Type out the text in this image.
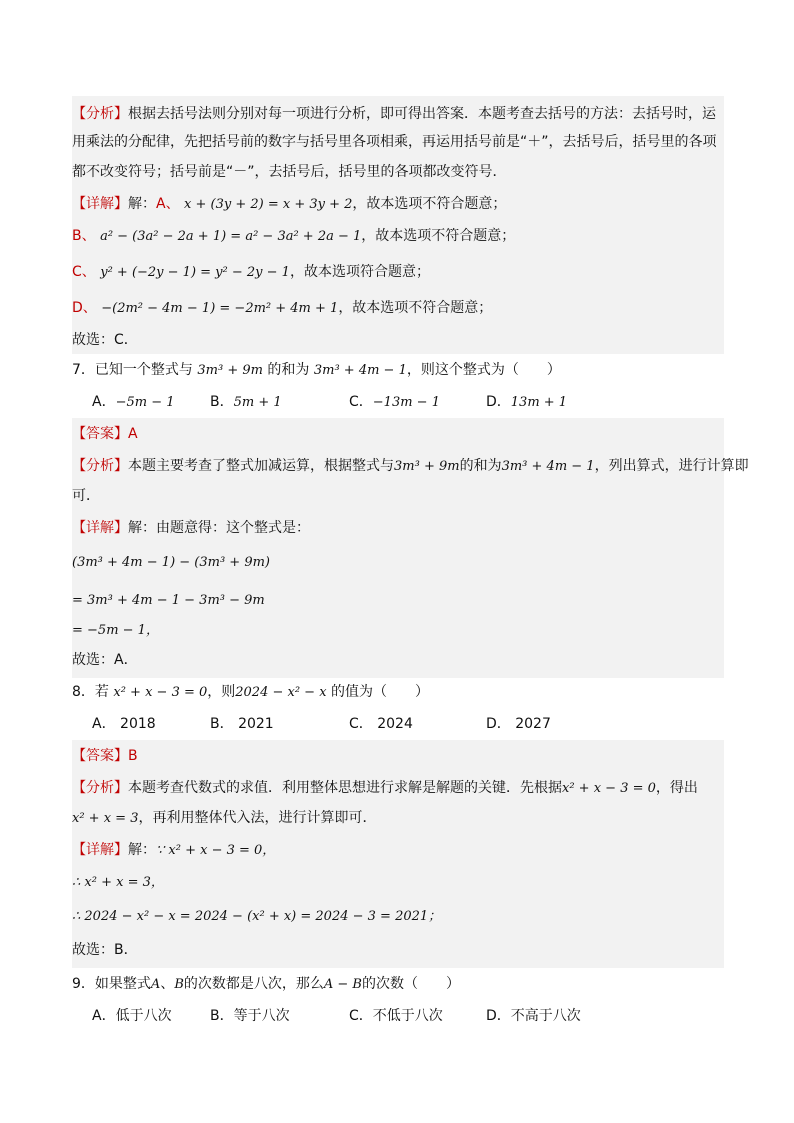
【分析】根据去括号法则分别对每一项进行分析，即可得出答案．本题考查去括号的方法：去括号时，运
用乘法的分配律，先把括号前的数字与括号里各项相乘，再运用括号前是“＋”，去括号后，括号里的各项
都不改变符号；括号前是“－”，去括号后，括号里的各项都改变符号．
【详解】解：A、 x + (3y + 2) = x + 3y + 2，故本选项不符合题意；
B、 a² − (3a² − 2a + 1) = a² − 3a² + 2a − 1，故本选项不符合题意；
C、 y² + (−2y − 1) = y² − 2y − 1，故本选项符合题意；
D、 −(2m² − 4m − 1) = −2m² + 4m + 1，故本选项不符合题意；
故选：C．
7．已知一个整式与 3m³ + 9m 的和为 3m³ + 4m − 1，则这个整式为（　　）
A．−5m − 1	B．5m + 1	C．−13m − 1	D．13m + 1
【答案】A
【分析】本题主要考查了整式加减运算，根据整式与3m³ + 9m的和为3m³ + 4m − 1，列出算式，进行计算即
可．
【详解】解：由题意得：这个整式是：
(3m³ + 4m − 1) − (3m³ + 9m)
= 3m³ + 4m − 1 − 3m³ − 9m
= −5m − 1，
故选：A．
8．若 x² + x − 3 = 0，则2024 − x² − x 的值为（　　）
A． 2018	B． 2021	C． 2024	D． 2027
【答案】B
【分析】本题考查代数式的求值．利用整体思想进行求解是解题的关键．先根据x² + x − 3 = 0，得出
x² + x = 3，再利用整体代入法，进行计算即可．
【详解】解：∵ x² + x − 3 = 0，
∴ x² + x = 3，
∴ 2024 − x² − x = 2024 − (x² + x) = 2024 − 3 = 2021；
故选：B．
9．如果整式A、B的次数都是八次，那么A − B的次数（　　）
A．低于八次	B．等于八次	C．不低于八次	D．不高于八次
